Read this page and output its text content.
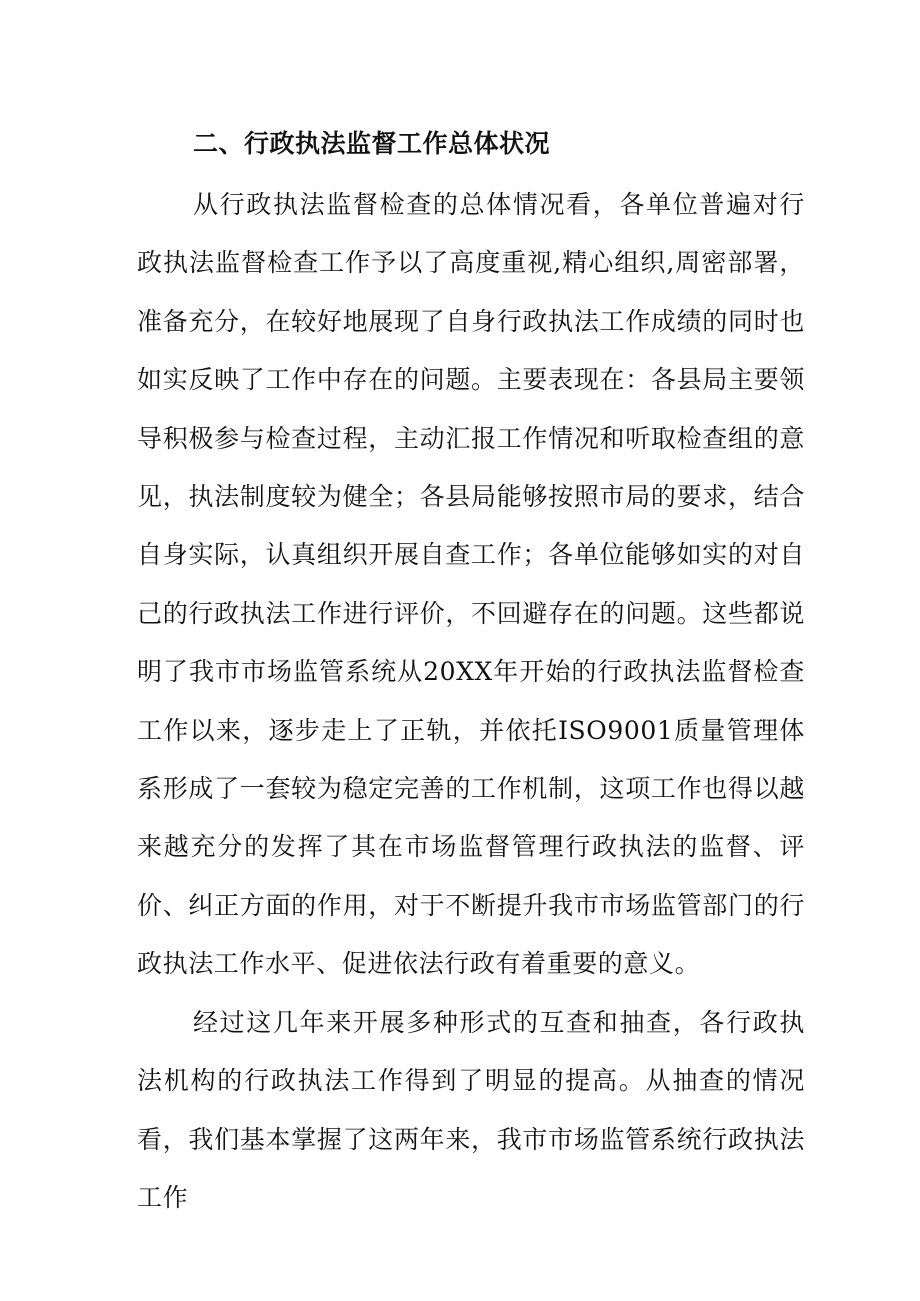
二、行政执法监督工作总体状况

从行政执法监督检查的总体情况看，各单位普遍对行政执法监督检查工作予以了高度重视,精心组织,周密部署，准备充分，在较好地展现了自身行政执法工作成绩的同时也如实反映了工作中存在的问题。主要表现在：各县局主要领导积极参与检查过程，主动汇报工作情况和听取检查组的意见，执法制度较为健全；各县局能够按照市局的要求，结合自身实际，认真组织开展自查工作；各单位能够如实的对自己的行政执法工作进行评价，不回避存在的问题。这些都说明了我市市场监管系统从20XX年开始的行政执法监督检查工作以来，逐步走上了正轨，并依托ISO9001质量管理体系形成了一套较为稳定完善的工作机制，这项工作也得以越来越充分的发挥了其在市场监督管理行政执法的监督、评价、纠正方面的作用，对于不断提升我市市场监管部门的行政执法工作水平、促进依法行政有着重要的意义。

经过这几年来开展多种形式的互查和抽查，各行政执法机构的行政执法工作得到了明显的提高。从抽查的情况看，我们基本掌握了这两年来，我市市场监管系统行政执法工作
